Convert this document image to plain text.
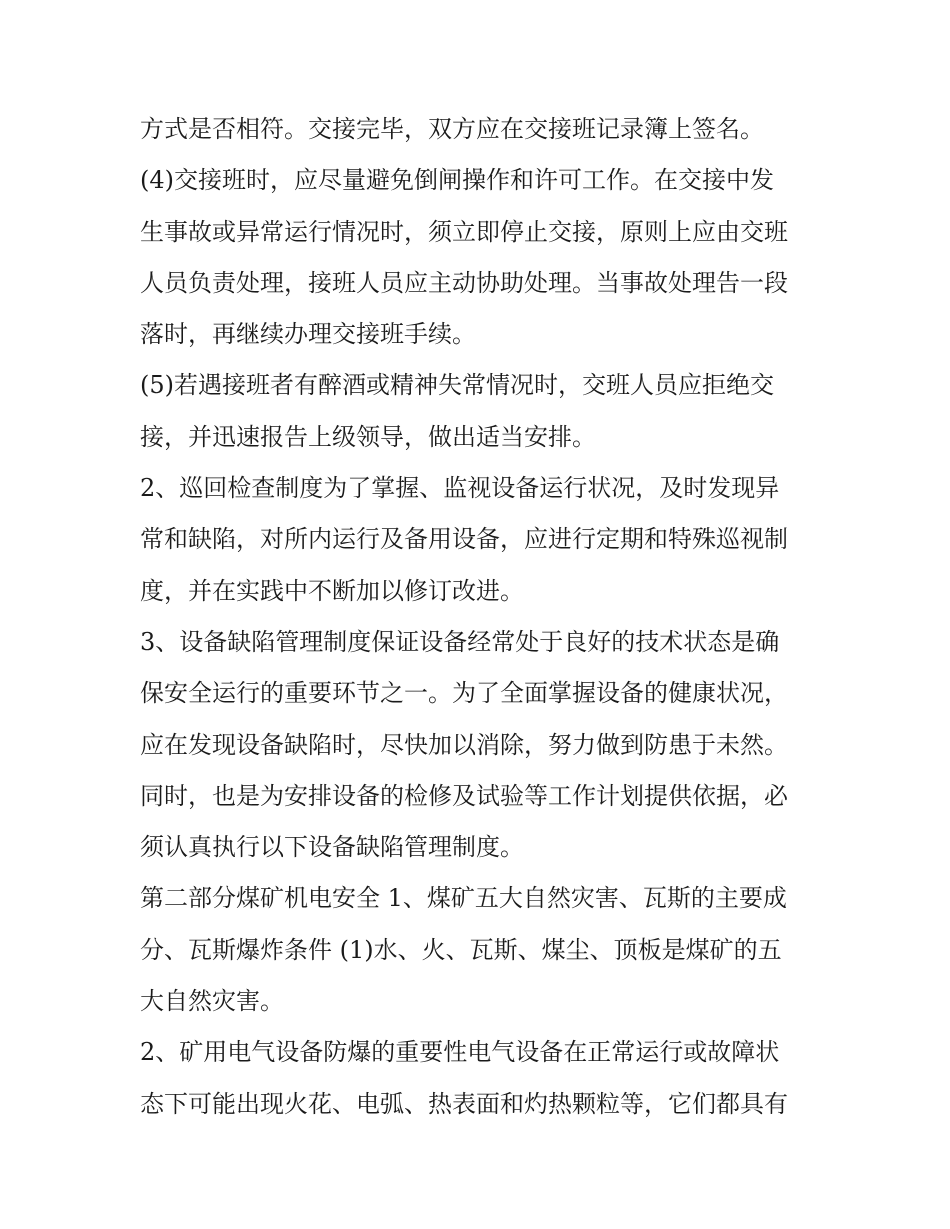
方式是否相符。交接完毕，双方应在交接班记录簿上签名。
(4)交接班时，应尽量避免倒闸操作和许可工作。在交接中发
生事故或异常运行情况时，须立即停止交接，原则上应由交班
人员负责处理，接班人员应主动协助处理。当事故处理告一段
落时，再继续办理交接班手续。
(5)若遇接班者有醉酒或精神失常情况时，交班人员应拒绝交
接，并迅速报告上级领导，做出适当安排。
2、巡回检查制度为了掌握、监视设备运行状况，及时发现异
常和缺陷，对所内运行及备用设备，应进行定期和特殊巡视制
度，并在实践中不断加以修订改进。
3、设备缺陷管理制度保证设备经常处于良好的技术状态是确
保安全运行的重要环节之一。为了全面掌握设备的健康状况，
应在发现设备缺陷时，尽快加以消除，努力做到防患于未然。
同时，也是为安排设备的检修及试验等工作计划提供依据，必
须认真执行以下设备缺陷管理制度。
第二部分煤矿机电安全 1、煤矿五大自然灾害、瓦斯的主要成
分、瓦斯爆炸条件 (1)水、火、瓦斯、煤尘、顶板是煤矿的五
大自然灾害。
2、矿用电气设备防爆的重要性电气设备在正常运行或故障状
态下可能出现火花、电弧、热表面和灼热颗粒等，它们都具有
